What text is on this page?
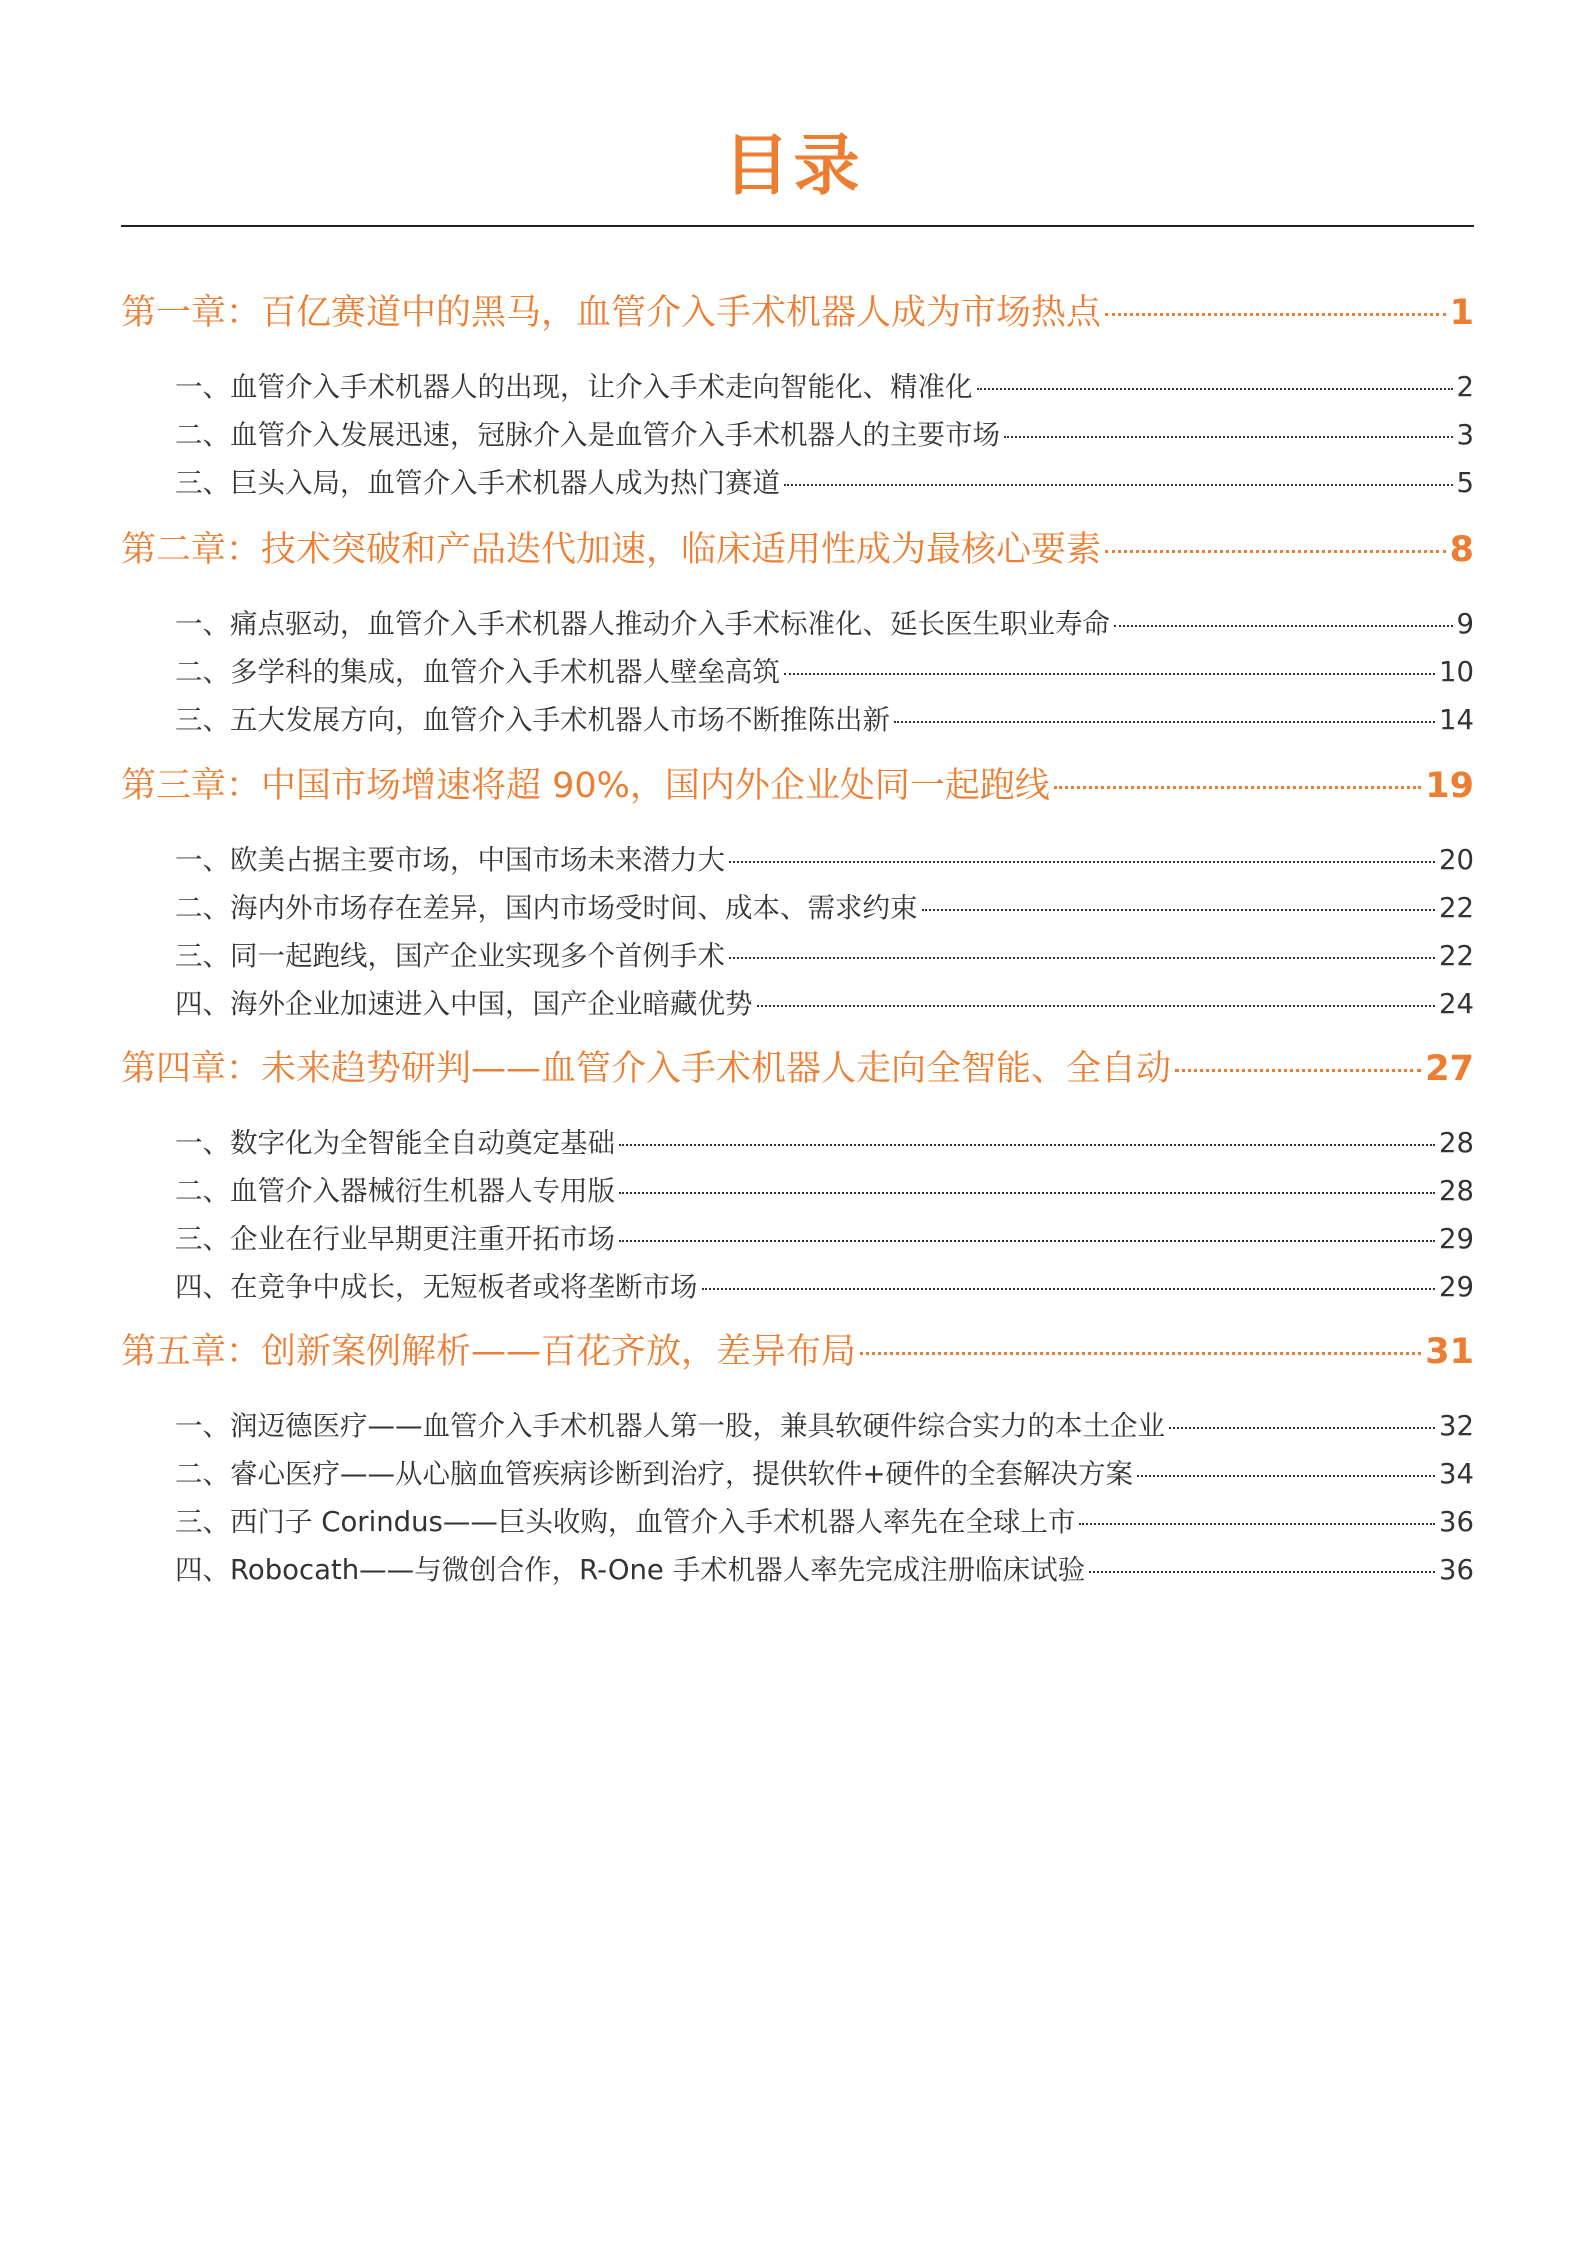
目录
第一章：百亿赛道中的黑马，血管介入手术机器人成为市场热点	1
一、血管介入手术机器人的出现，让介入手术走向智能化、精准化	2
二、血管介入发展迅速，冠脉介入是血管介入手术机器人的主要市场	3
三、巨头入局，血管介入手术机器人成为热门赛道	5
第二章：技术突破和产品迭代加速，临床适用性成为最核心要素	8
一、痛点驱动，血管介入手术机器人推动介入手术标准化、延长医生职业寿命	9
二、多学科的集成，血管介入手术机器人壁垒高筑	10
三、五大发展方向，血管介入手术机器人市场不断推陈出新	14
第三章：中国市场增速将超 90%，国内外企业处同一起跑线	19
一、欧美占据主要市场，中国市场未来潜力大	20
二、海内外市场存在差异，国内市场受时间、成本、需求约束	22
三、同一起跑线，国产企业实现多个首例手术	22
四、海外企业加速进入中国，国产企业暗藏优势	24
第四章：未来趋势研判——血管介入手术机器人走向全智能、全自动	27
一、数字化为全智能全自动奠定基础	28
二、血管介入器械衍生机器人专用版	28
三、企业在行业早期更注重开拓市场	29
四、在竞争中成长，无短板者或将垄断市场	29
第五章：创新案例解析——百花齐放，差异布局	31
一、润迈德医疗——血管介入手术机器人第一股，兼具软硬件综合实力的本土企业	32
二、睿心医疗——从心脑血管疾病诊断到治疗，提供软件+硬件的全套解决方案	34
三、西门子 Corindus——巨头收购，血管介入手术机器人率先在全球上市	36
四、Robocath——与微创合作，R-One 手术机器人率先完成注册临床试验	36
